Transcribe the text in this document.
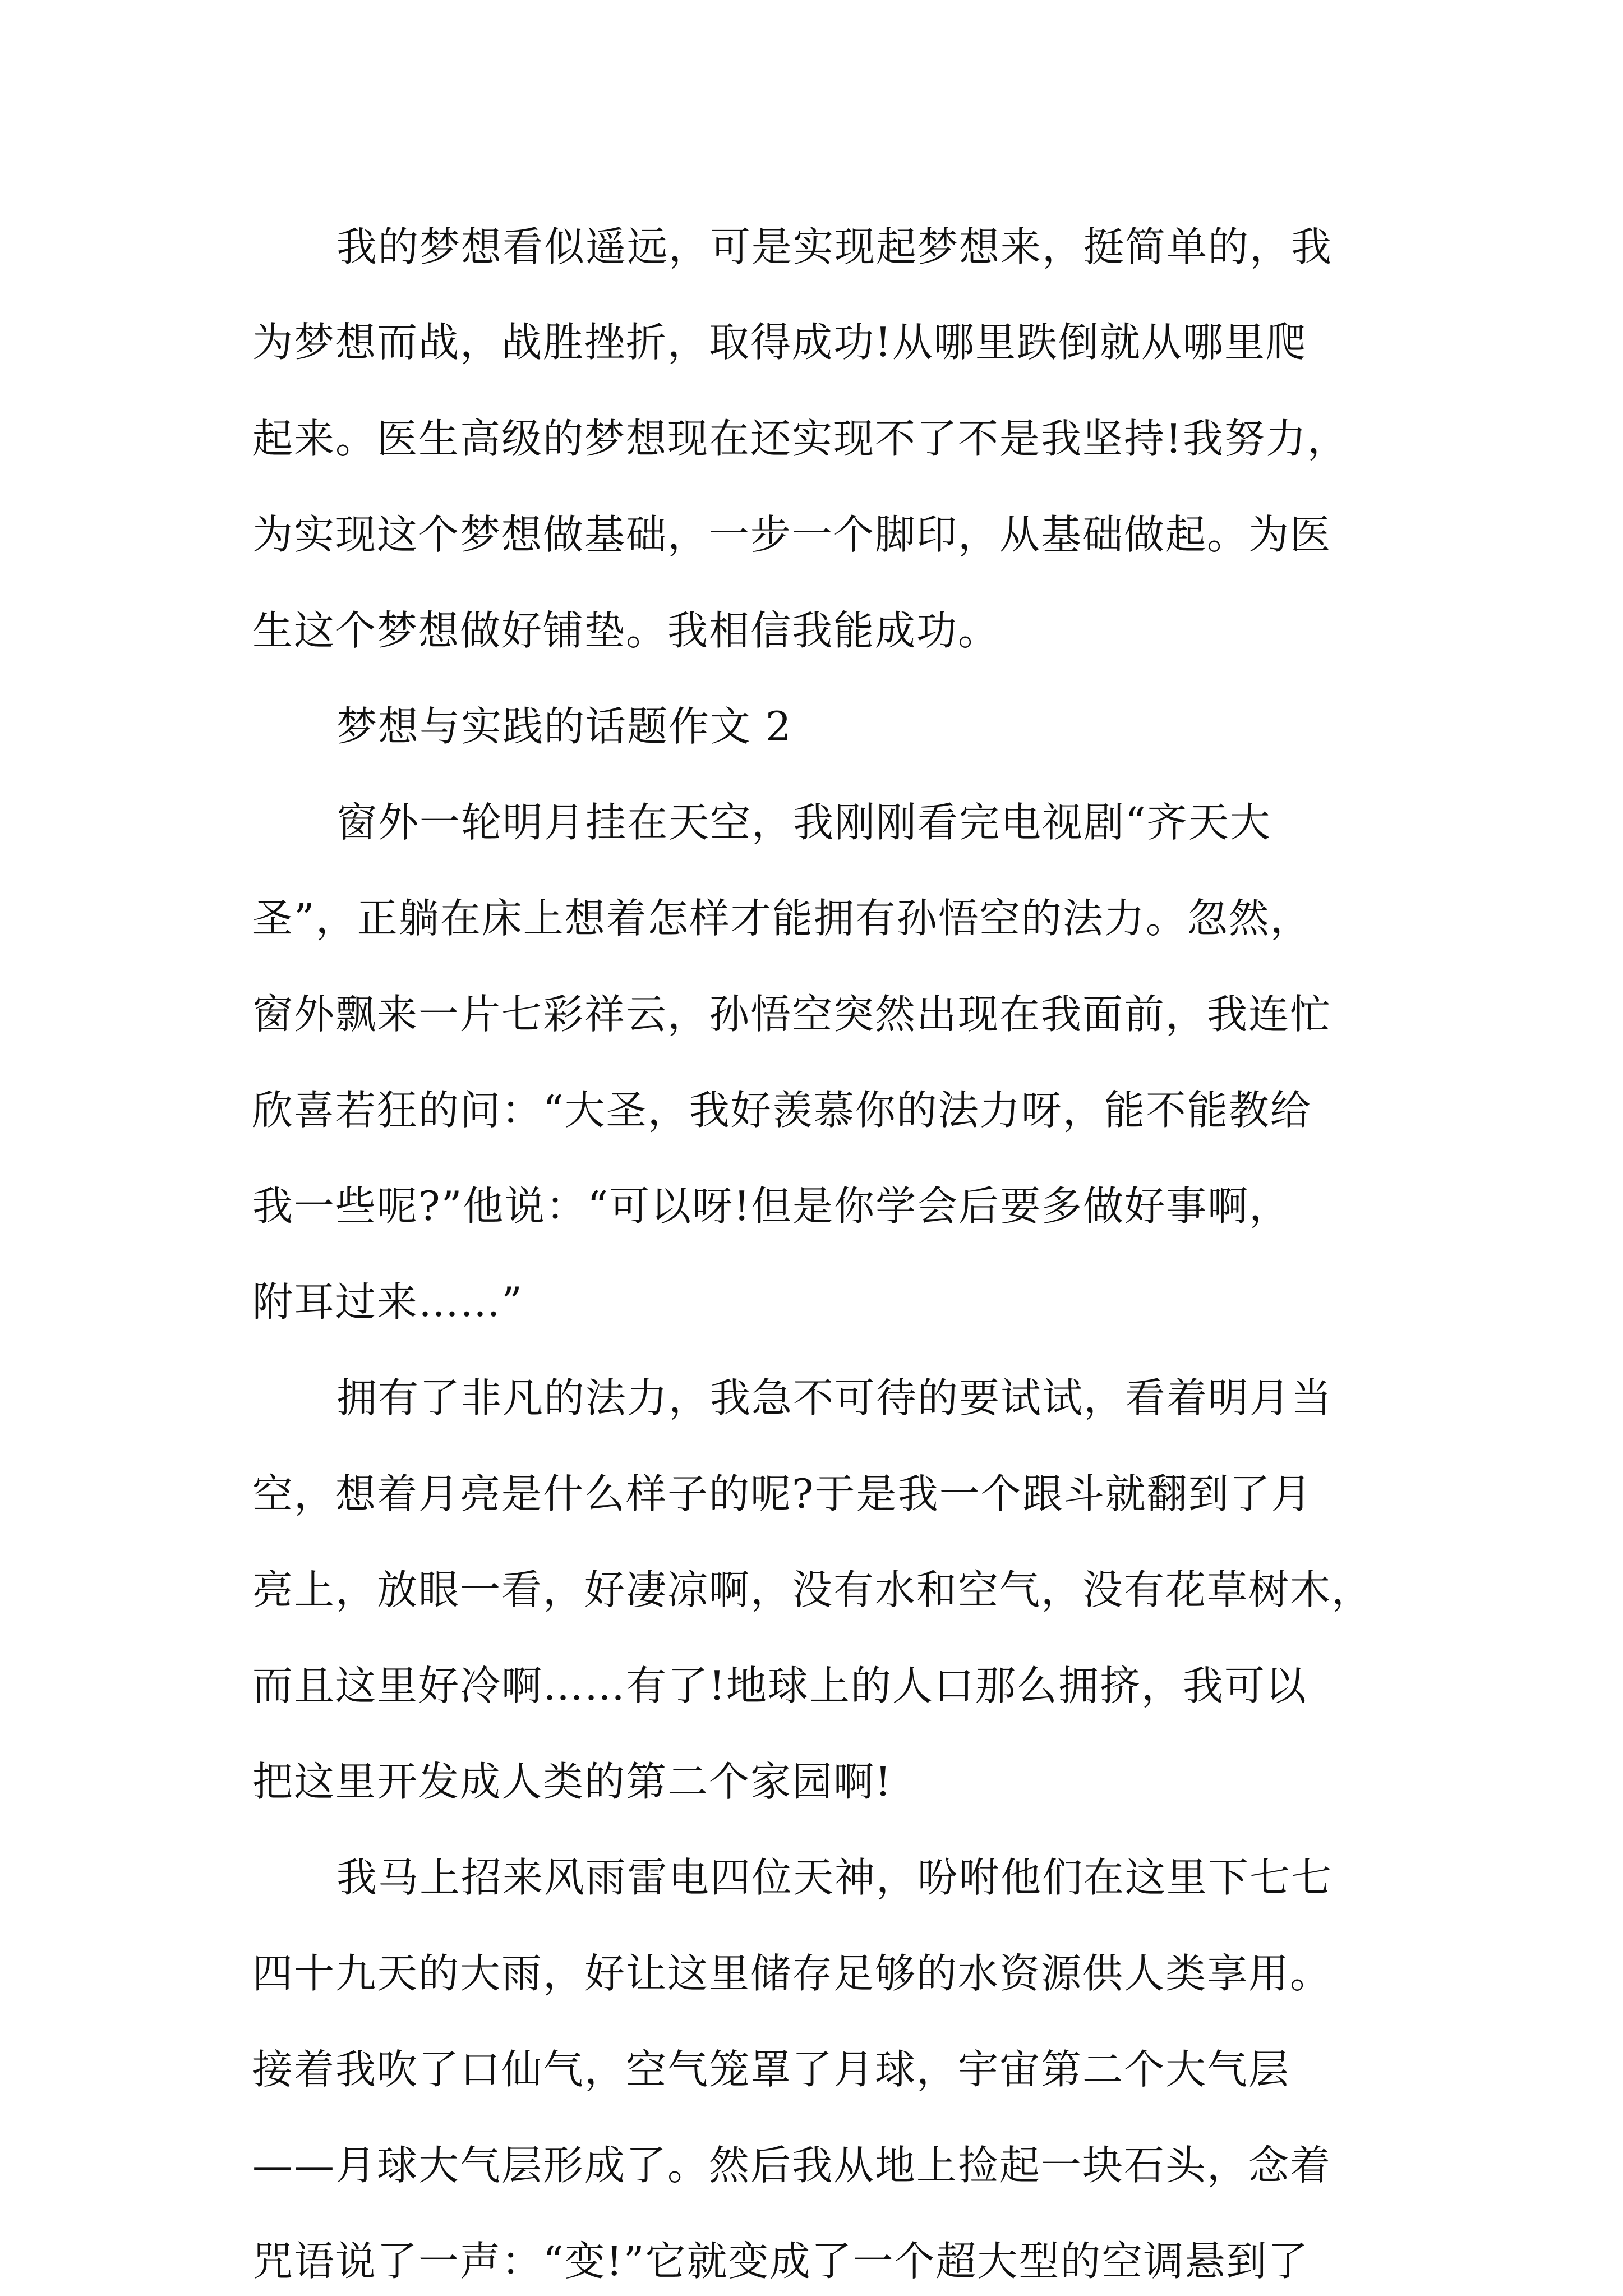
我的梦想看似遥远，可是实现起梦想来，挺简单的，我
为梦想而战，战胜挫折，取得成功!从哪里跌倒就从哪里爬
起来。医生高级的梦想现在还实现不了不是我坚持!我努力，
为实现这个梦想做基础，一步一个脚印，从基础做起。为医
生这个梦想做好铺垫。我相信我能成功。
梦想与实践的话题作文 2
窗外一轮明月挂在天空，我刚刚看完电视剧“齐天大
圣”，正躺在床上想着怎样才能拥有孙悟空的法力。忽然，
窗外飘来一片七彩祥云，孙悟空突然出现在我面前，我连忙
欣喜若狂的问：“大圣，我好羡慕你的法力呀，能不能教给
我一些呢?”他说：“可以呀!但是你学会后要多做好事啊，
附耳过来……”
拥有了非凡的法力，我急不可待的要试试，看着明月当
空，想着月亮是什么样子的呢?于是我一个跟斗就翻到了月
亮上，放眼一看，好凄凉啊，没有水和空气，没有花草树木，
而且这里好冷啊……有了!地球上的人口那么拥挤，我可以
把这里开发成人类的第二个家园啊!
我马上招来风雨雷电四位天神，吩咐他们在这里下七七
四十九天的大雨，好让这里储存足够的水资源供人类享用。
接着我吹了口仙气，空气笼罩了月球，宇宙第二个大气层
——月球大气层形成了。然后我从地上捡起一块石头，念着
咒语说了一声：“变!”它就变成了一个超大型的空调悬到了
